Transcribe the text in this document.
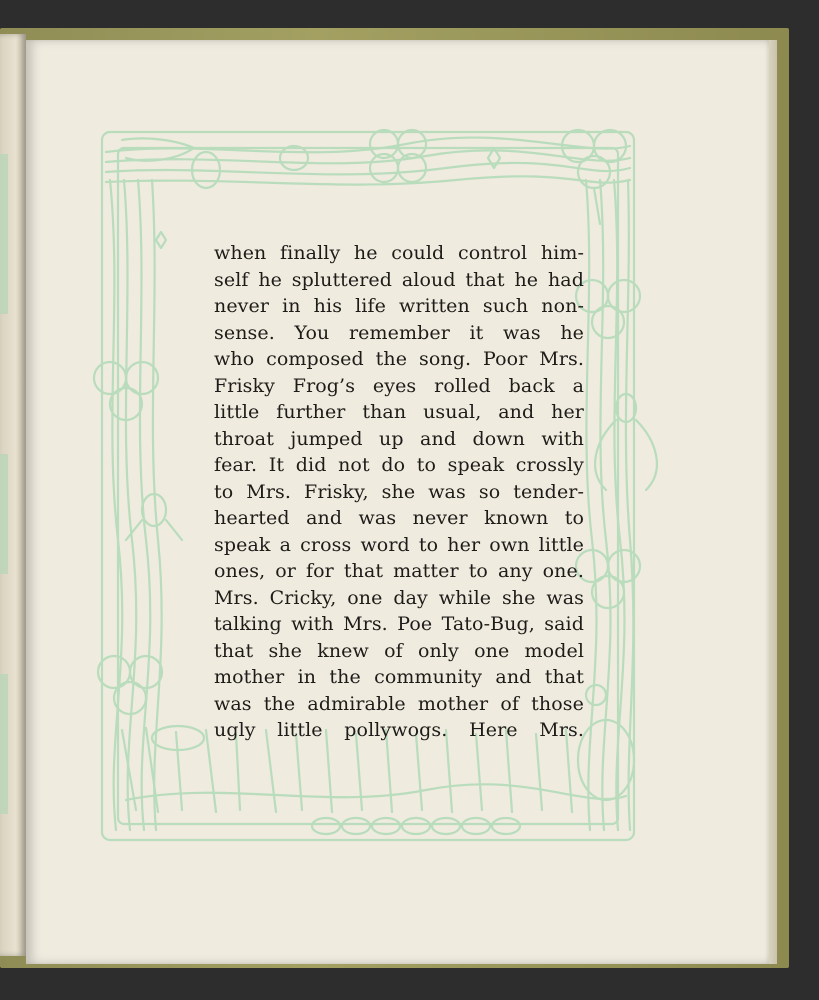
when finally he could control him-
self he spluttered aloud that he had
never in his life written such non-
sense. You remember it was he
who composed the song. Poor Mrs.
Frisky Frog’s eyes rolled back a
little further than usual, and her
throat jumped up and down with
fear. It did not do to speak crossly
to Mrs. Frisky, she was so tender-
hearted and was never known to
speak a cross word to her own little
ones, or for that matter to any one.
Mrs. Cricky, one day while she was
talking with Mrs. Poe Tato-Bug, said
that she knew of only one model
mother in the community and that
was the admirable mother of those
ugly little pollywogs. Here Mrs.
